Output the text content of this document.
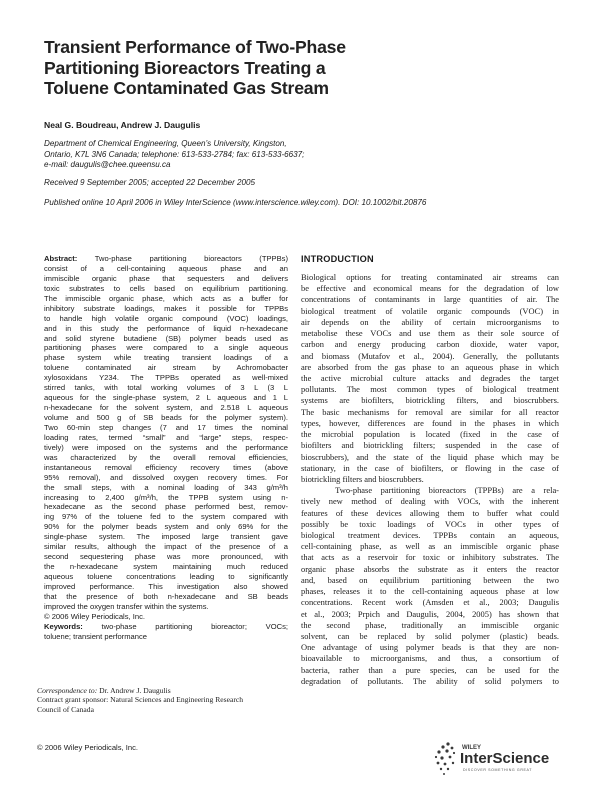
Transient Performance of Two-Phase
Partitioning Bioreactors Treating a
Toluene Contaminated Gas Stream
Neal G. Boudreau, Andrew J. Daugulis
Department of Chemical Engineering, Queen’s University, Kingston,
Ontario, K7L 3N6 Canada; telephone: 613-533-2784; fax: 613-533-6637;
e-mail: daugulis@chee.queensu.ca
Received 9 September 2005; accepted 22 December 2005
Published online 10 April 2006 in Wiley InterScience (www.interscience.wiley.com). DOI: 10.1002/bit.20876
Abstract: Two-phase partitioning bioreactors (TPPBs)
consist of a cell-containing aqueous phase and an
immiscible organic phase that sequesters and delivers
toxic substrates to cells based on equilibrium partitioning.
The immiscible organic phase, which acts as a buffer for
inhibitory substrate loadings, makes it possible for TPPBs
to handle high volatile organic compound (VOC) loadings,
and in this study the performance of liquid n-hexadecane
and solid styrene butadiene (SB) polymer beads used as
partitioning phases were compared to a single aqueous
phase system while treating transient loadings of a
toluene contaminated air stream by Achromobacter
xylosoxidans Y234. The TPPBs operated as well-mixed
stirred tanks, with total working volumes of 3 L (3 L
aqueous for the single-phase system, 2 L aqueous and 1 L
n-hexadecane for the solvent system, and 2.518 L aqueous
volume and 500 g of SB beads for the polymer system).
Two 60-min step changes (7 and 17 times the nominal
loading rates, termed “small” and “large” steps, respec-
tively) were imposed on the systems and the performance
was characterized by the overall removal efficiencies,
instantaneous removal efficiency recovery times (above
95% removal), and dissolved oxygen recovery times. For
the small steps, with a nominal loading of 343 g/m³/h
increasing to 2,400 g/m³/h, the TPPB system using n-
hexadecane as the second phase performed best, remov-
ing 97% of the toluene fed to the system compared with
90% for the polymer beads system and only 69% for the
single-phase system. The imposed large transient gave
similar results, although the impact of the presence of a
second sequestering phase was more pronounced, with
the n-hexadecane system maintaining much reduced
aqueous toluene concentrations leading to significantly
improved performance. This investigation also showed
that the presence of both n-hexadecane and SB beads
improved the oxygen transfer within the systems.
© 2006 Wiley Periodicals, Inc.
Keywords: two-phase partitioning bioreactor; VOCs;
toluene; transient performance
Correspondence to: Dr. Andrew J. Daugulis
Contract grant sponsor: Natural Sciences and Engineering Research
Council of Canada
© 2006 Wiley Periodicals, Inc.
INTRODUCTION
Biological options for treating contaminated air streams can
be effective and economical means for the degradation of low
concentrations of contaminants in large quantities of air. The
biological treatment of volatile organic compounds (VOC) in
air depends on the ability of certain microorganisms to
metabolise these VOCs and use them as their sole source of
carbon and energy producing carbon dioxide, water vapor,
and biomass (Mutafov et al., 2004). Generally, the pollutants
are absorbed from the gas phase to an aqueous phase in which
the active microbial culture attacks and degrades the target
pollutants. The most common types of biological treatment
systems are biofilters, biotrickling filters, and bioscrubbers.
The basic mechanisms for removal are similar for all reactor
types, however, differences are found in the phases in which
the microbial population is located (fixed in the case of
biofilters and biotrickling filters; suspended in the case of
bioscrubbers), and the state of the liquid phase which may be
stationary, in the case of biofilters, or flowing in the case of
biotrickling filters and bioscrubbers.
Two-phase partitioning bioreactors (TPPBs) are a rela-
tively new method of dealing with VOCs, with the inherent
features of these devices allowing them to buffer what could
possibly be toxic loadings of VOCs in other types of
biological treatment devices. TPPBs contain an aqueous,
cell-containing phase, as well as an immiscible organic phase
that acts as a reservoir for toxic or inhibitory substrates. The
organic phase absorbs the substrate as it enters the reactor
and, based on equilibrium partitioning between the two
phases, releases it to the cell-containing aqueous phase at low
concentrations. Recent work (Amsden et al., 2003; Daugulis
et al., 2003; Prpich and Daugulis, 2004, 2005) has shown that
the second phase, traditionally an immiscible organic
solvent, can be replaced by solid polymer (plastic) beads.
One advantage of using polymer beads is that they are non-
bioavailable to microorganisms, and thus, a consortium of
bacteria, rather than a pure species, can be used for the
degradation of pollutants. The ability of solid polymers to
WILEY
InterScience
DISCOVER SOMETHING GREAT
